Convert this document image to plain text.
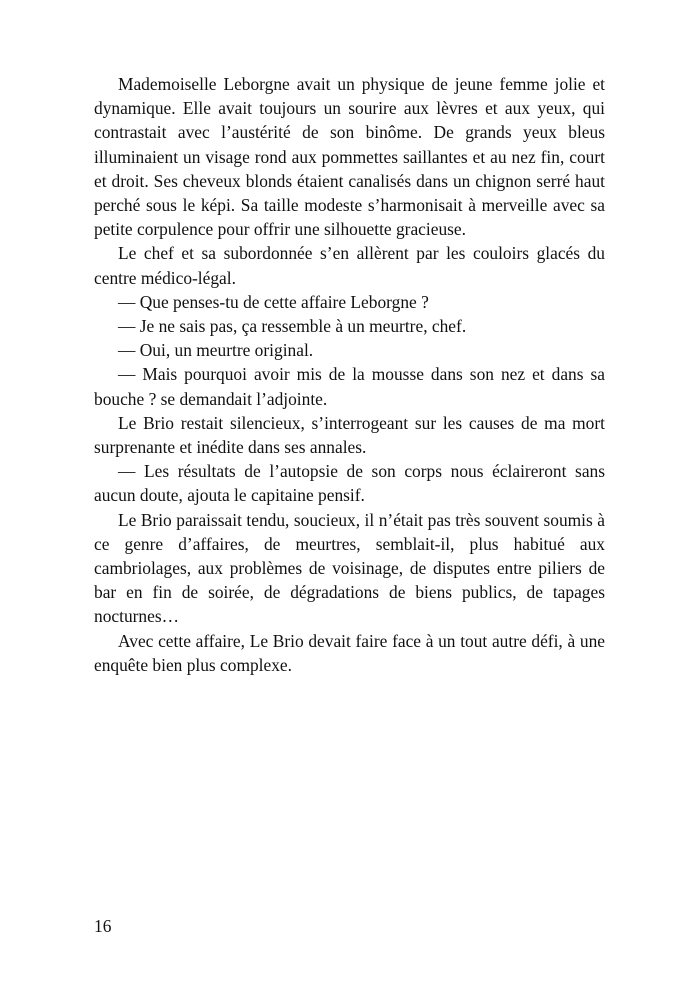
Mademoiselle Leborgne avait un physique de jeune femme jolie et dynamique. Elle avait toujours un sourire aux lèvres et aux yeux, qui contrastait avec l’austérité de son binôme. De grands yeux bleus illuminaient un visage rond aux pommettes saillantes et au nez fin, court et droit. Ses cheveux blonds étaient canalisés dans un chignon serré haut perché sous le képi. Sa taille modeste s’harmonisait à merveille avec sa petite corpulence pour offrir une silhouette gracieuse.

Le chef et sa subordonnée s’en allèrent par les couloirs glacés du centre médico-légal.

— Que penses-tu de cette affaire Leborgne ?

— Je ne sais pas, ça ressemble à un meurtre, chef.

— Oui, un meurtre original.

— Mais pourquoi avoir mis de la mousse dans son nez et dans sa bouche ? se demandait l’adjointe.

Le Brio restait silencieux, s’interrogeant sur les causes de ma mort surprenante et inédite dans ses annales.

— Les résultats de l’autopsie de son corps nous éclaireront sans aucun doute, ajouta le capitaine pensif.

Le Brio paraissait tendu, soucieux, il n’était pas très souvent soumis à ce genre d’affaires, de meurtres, semblait-il, plus habitué aux cambriolages, aux problèmes de voisinage, de disputes entre piliers de bar en fin de soirée, de dégradations de biens publics, de tapages nocturnes…

Avec cette affaire, Le Brio devait faire face à un tout autre défi, à une enquête bien plus complexe.

16
